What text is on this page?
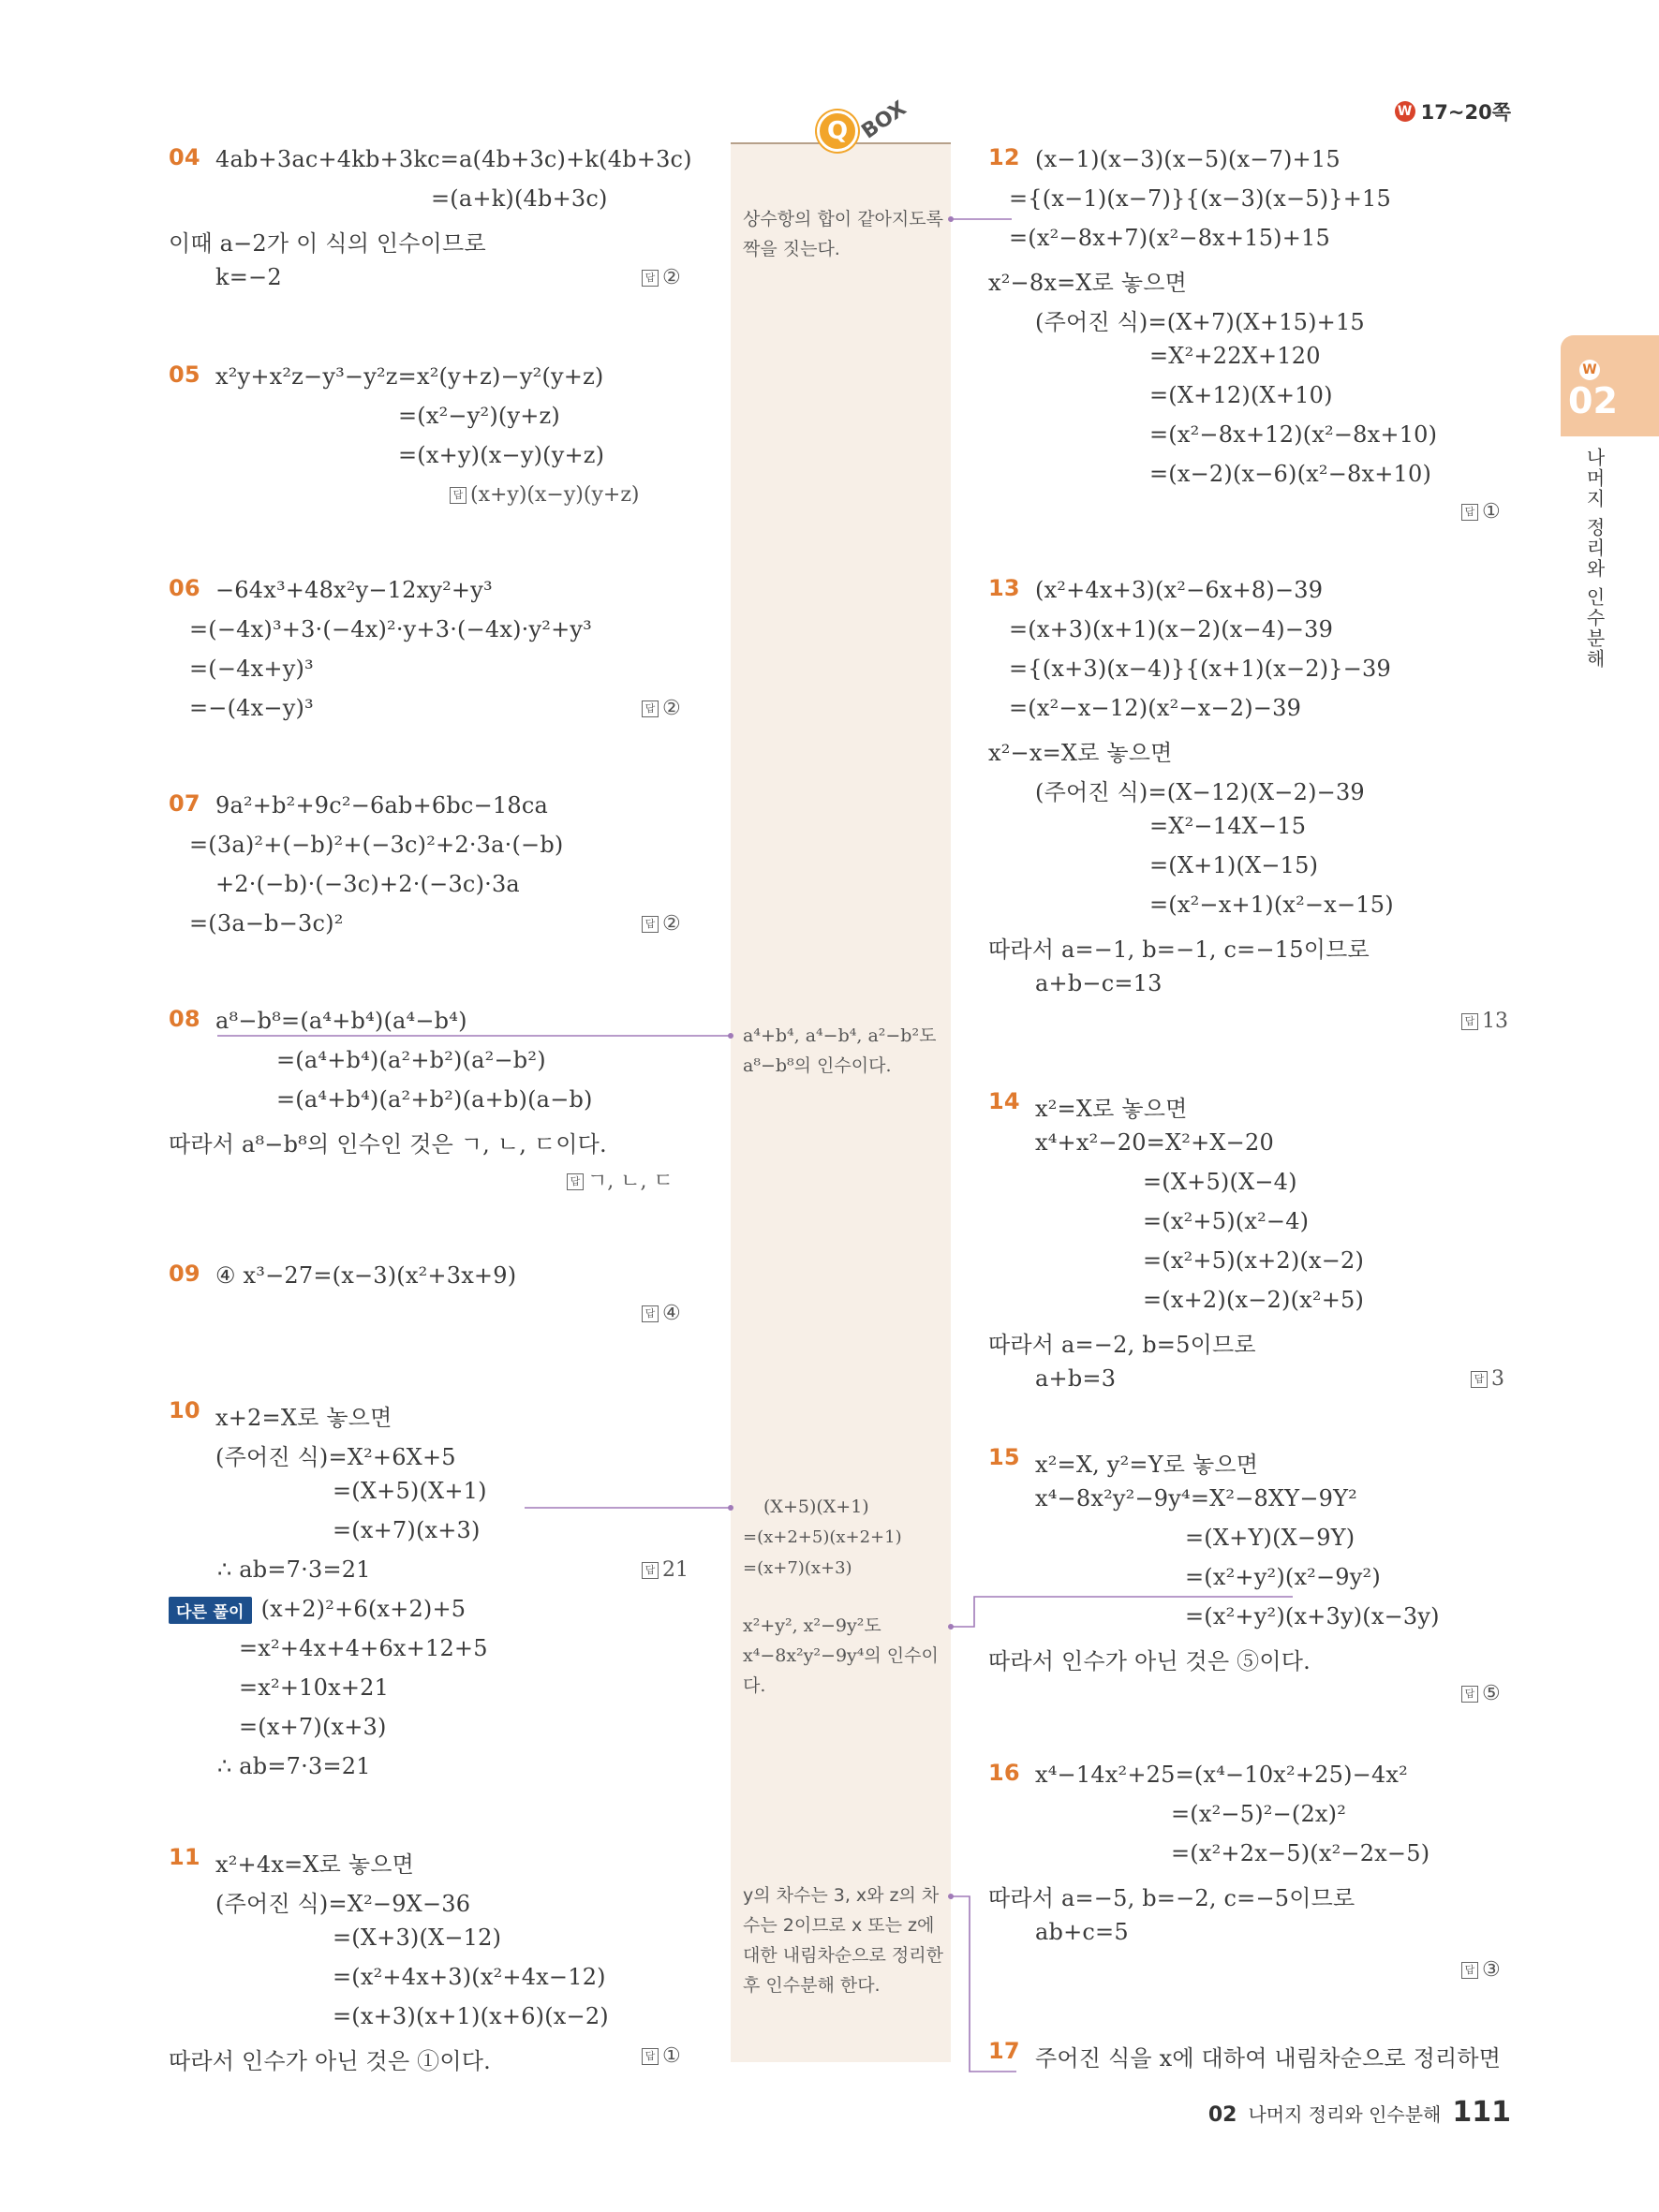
W 17~20쪽
Q BOX
상수항의 합이 같아지도록 짝을 짓는다.
a⁴+b⁴, a⁴−b⁴, a²−b²도 a⁸−b⁸의 인수이다.
(X+5)(X+1)
=(x+2+5)(x+2+1)
=(x+7)(x+3)
x²+y², x²−9y²도 x⁴−8x²y²−9y⁴의 인수이다.
y의 차수는 3, x와 z의 차수는 2이므로 x 또는 z에 대한 내림차순으로 정리한 후 인수분해 한다.
04 4ab+3ac+4kb+3kc=a(4b+3c)+k(4b+3c)
=(a+k)(4b+3c)
이때 a−2가 이 식의 인수이므로
k=−2	답 ②
05 x²y+x²z−y³−y²z=x²(y+z)−y²(y+z)
=(x²−y²)(y+z)
=(x+y)(x−y)(y+z)
답 (x+y)(x−y)(y+z)
06 −64x³+48x²y−12xy²+y³
=(−4x)³+3·(−4x)²·y+3·(−4x)·y²+y³
=(−4x+y)³
=−(4x−y)³	답 ②
07 9a²+b²+9c²−6ab+6bc−18ca
=(3a)²+(−b)²+(−3c)²+2·3a·(−b)
+2·(−b)·(−3c)+2·(−3c)·3a
=(3a−b−3c)²	답 ②
08 a⁸−b⁸=(a⁴+b⁴)(a⁴−b⁴)
=(a⁴+b⁴)(a²+b²)(a²−b²)
=(a⁴+b⁴)(a²+b²)(a+b)(a−b)
따라서 a⁸−b⁸의 인수인 것은 ㄱ, ㄴ, ㄷ이다.
답 ㄱ, ㄴ, ㄷ
09 ④ x³−27=(x−3)(x²+3x+9)
답 ④
10 x+2=X로 놓으면
(주어진 식)=X²+6X+5
=(X+5)(X+1)
=(x+7)(x+3)
∴ ab=7·3=21	답 21
다른 풀이 (x+2)²+6(x+2)+5
=x²+4x+4+6x+12+5
=x²+10x+21
=(x+7)(x+3)
∴ ab=7·3=21
11 x²+4x=X로 놓으면
(주어진 식)=X²−9X−36
=(X+3)(X−12)
=(x²+4x+3)(x²+4x−12)
=(x+3)(x+1)(x+6)(x−2)
따라서 인수가 아닌 것은 ①이다.	답 ①
12 (x−1)(x−3)(x−5)(x−7)+15
={(x−1)(x−7)}{(x−3)(x−5)}+15
=(x²−8x+7)(x²−8x+15)+15
x²−8x=X로 놓으면
(주어진 식)=(X+7)(X+15)+15
=X²+22X+120
=(X+12)(X+10)
=(x²−8x+12)(x²−8x+10)
=(x−2)(x−6)(x²−8x+10)
답 ①
13 (x²+4x+3)(x²−6x+8)−39
=(x+3)(x+1)(x−2)(x−4)−39
={(x+3)(x−4)}{(x+1)(x−2)}−39
=(x²−x−12)(x²−x−2)−39
x²−x=X로 놓으면
(주어진 식)=(X−12)(X−2)−39
=X²−14X−15
=(X+1)(X−15)
=(x²−x+1)(x²−x−15)
따라서 a=−1, b=−1, c=−15이므로
a+b−c=13
답 13
14 x²=X로 놓으면
x⁴+x²−20=X²+X−20
=(X+5)(X−4)
=(x²+5)(x²−4)
=(x²+5)(x+2)(x−2)
=(x+2)(x−2)(x²+5)
따라서 a=−2, b=5이므로
a+b=3	답 3
15 x²=X, y²=Y로 놓으면
x⁴−8x²y²−9y⁴=X²−8XY−9Y²
=(X+Y)(X−9Y)
=(x²+y²)(x²−9y²)
=(x²+y²)(x+3y)(x−3y)
따라서 인수가 아닌 것은 ⑤이다.
답 ⑤
16 x⁴−14x²+25=(x⁴−10x²+25)−4x²
=(x²−5)²−(2x)²
=(x²+2x−5)(x²−2x−5)
따라서 a=−5, b=−2, c=−5이므로
ab+c=5
답 ③
17 주어진 식을 x에 대하여 내림차순으로 정리하면
W
02
나머지 정리와 인수분해
02 나머지 정리와 인수분해 111
